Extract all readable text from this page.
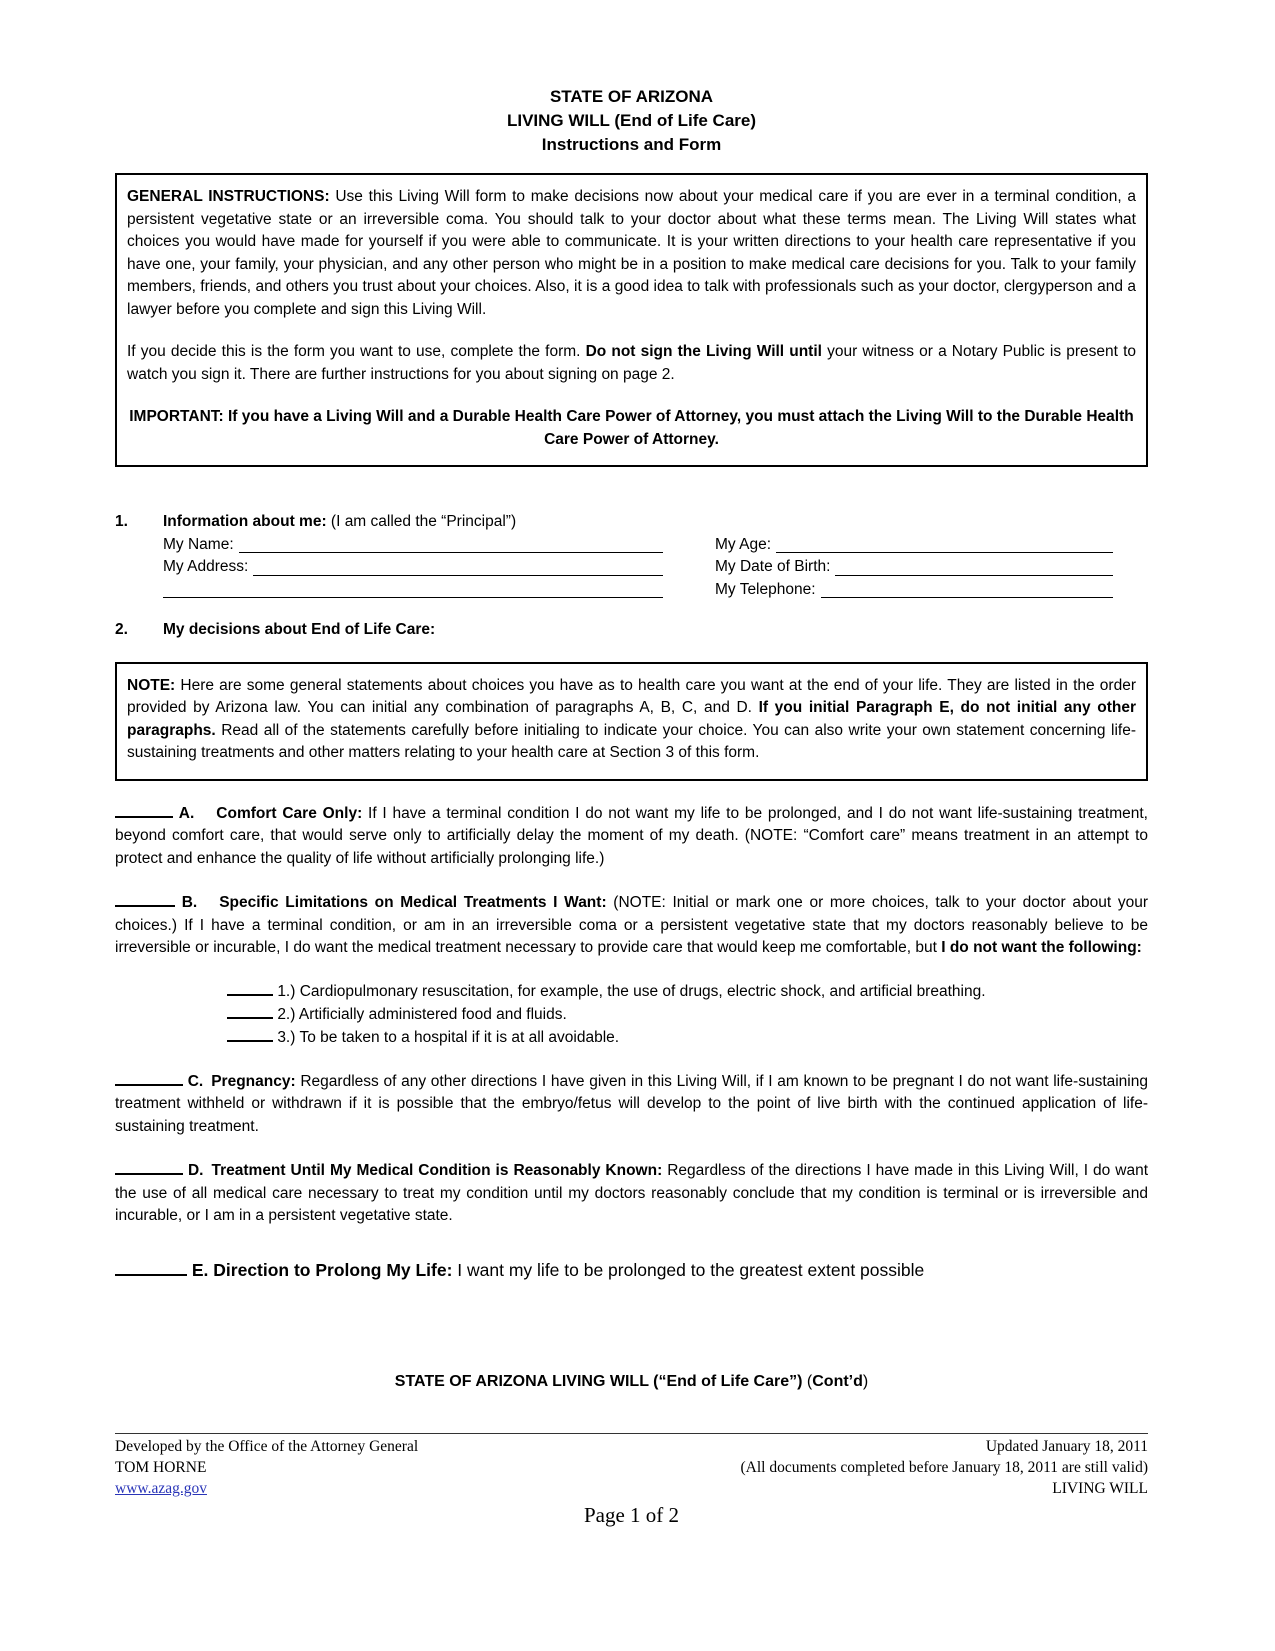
STATE OF ARIZONA
LIVING WILL (End of Life Care)
Instructions and Form

GENERAL INSTRUCTIONS: Use this Living Will form to make decisions now about your medical care if you are ever in a terminal condition, a persistent vegetative state or an irreversible coma. You should talk to your doctor about what these terms mean. The Living Will states what choices you would have made for yourself if you were able to communicate. It is your written directions to your health care representative if you have one, your family, your physician, and any other person who might be in a position to make medical care decisions for you. Talk to your family members, friends, and others you trust about your choices. Also, it is a good idea to talk with professionals such as your doctor, clergyperson and a lawyer before you complete and sign this Living Will.

If you decide this is the form you want to use, complete the form. Do not sign the Living Will until your witness or a Notary Public is present to watch you sign it. There are further instructions for you about signing on page 2.

IMPORTANT: If you have a Living Will and a Durable Health Care Power of Attorney, you must attach the Living Will to the Durable Health Care Power of Attorney.

1.	Information about me: (I am called the “Principal”)
My Name:
My Address:
My Age:
My Date of Birth:
My Telephone:
2.	My decisions about End of Life Care:

NOTE: Here are some general statements about choices you have as to health care you want at the end of your life. They are listed in the order provided by Arizona law. You can initial any combination of paragraphs A, B, C, and D. If you initial Paragraph E, do not initial any other paragraphs. Read all of the statements carefully before initialing to indicate your choice. You can also write your own statement concerning life-sustaining treatments and other matters relating to your health care at Section 3 of this form.

A. Comfort Care Only: If I have a terminal condition I do not want my life to be prolonged, and I do not want life-sustaining treatment, beyond comfort care, that would serve only to artificially delay the moment of my death. (NOTE: “Comfort care” means treatment in an attempt to protect and enhance the quality of life without artificially prolonging life.)

B. Specific Limitations on Medical Treatments I Want: (NOTE: Initial or mark one or more choices, talk to your doctor about your choices.) If I have a terminal condition, or am in an irreversible coma or a persistent vegetative state that my doctors reasonably believe to be irreversible or incurable, I do want the medical treatment necessary to provide care that would keep me comfortable, but I do not want the following:

1.) Cardiopulmonary resuscitation, for example, the use of drugs, electric shock, and artificial breathing.
2.) Artificially administered food and fluids.
3.) To be taken to a hospital if it is at all avoidable.

C. Pregnancy: Regardless of any other directions I have given in this Living Will, if I am known to be pregnant I do not want life-sustaining treatment withheld or withdrawn if it is possible that the embryo/fetus will develop to the point of live birth with the continued application of life-sustaining treatment.

D. Treatment Until My Medical Condition is Reasonably Known: Regardless of the directions I have made in this Living Will, I do want the use of all medical care necessary to treat my condition until my doctors reasonably conclude that my condition is terminal or is irreversible and incurable, or I am in a persistent vegetative state.

E. Direction to Prolong My Life: I want my life to be prolonged to the greatest extent possible

STATE OF ARIZONA LIVING WILL (“End of Life Care”) (Cont’d)
Developed by the Office of the Attorney General	Updated January 18, 2011
TOM HORNE	(All documents completed before January 18, 2011 are still valid)
www.azag.gov	LIVING WILL
Page 1 of 2
